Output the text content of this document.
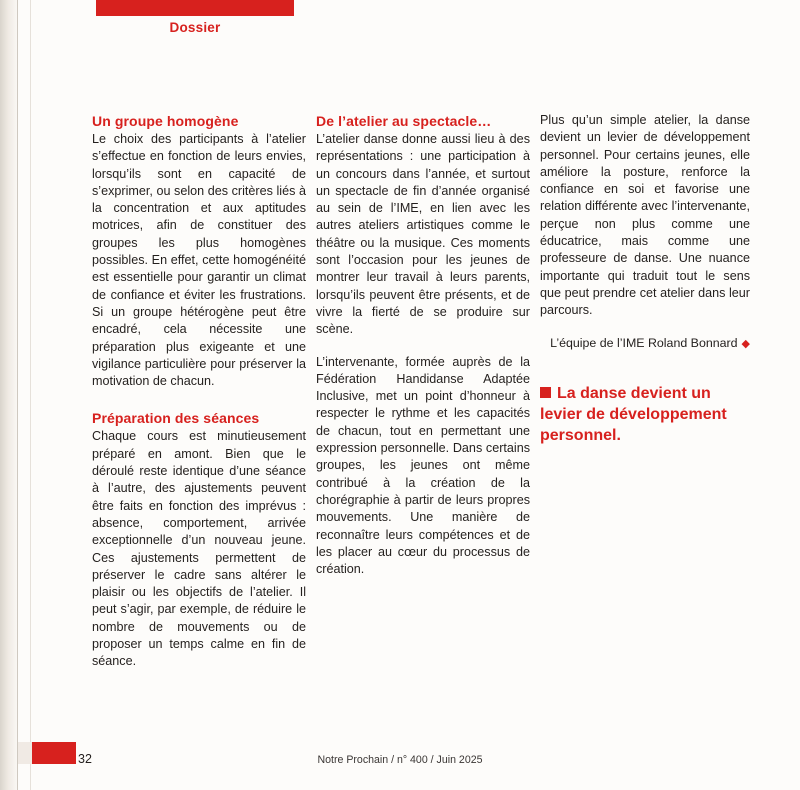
Dossier
Un groupe homogène

Le choix des participants à l’atelier s’effectue en fonction de leurs envies, lorsqu’ils sont en capacité de s’exprimer, ou selon des critères liés à la concentration et aux aptitudes motrices, afin de constituer des groupes les plus homogènes possibles. En effet, cette homogénéité est essentielle pour garantir un climat de confiance et éviter les frustrations. Si un groupe hétérogène peut être encadré, cela nécessite une préparation plus exigeante et une vigilance particulière pour préserver la motivation de chacun.

Préparation des séances

Chaque cours est minutieusement préparé en amont. Bien que le déroulé reste identique d’une séance à l’autre, des ajustements peuvent être faits en fonction des imprévus : absence, comportement, arrivée exceptionnelle d’un nouveau jeune. Ces ajustements permettent de préserver le cadre sans altérer le plaisir ou les objectifs de l’atelier. Il peut s’agir, par exemple, de réduire le nombre de mouvements ou de proposer un temps calme en fin de séance.

De l’atelier au spectacle…

L’atelier danse donne aussi lieu à des représentations : une participation à un concours dans l’année, et surtout un spectacle de fin d’année organisé au sein de l’IME, en lien avec les autres ateliers artistiques comme le théâtre ou la musique. Ces moments sont l’occasion pour les jeunes de montrer leur travail à leurs parents, lorsqu’ils peuvent être présents, et de vivre la fierté de se produire sur scène.

L’intervenante, formée auprès de la Fédération Handidanse Adaptée Inclusive, met un point d’honneur à respecter le rythme et les capacités de chacun, tout en permettant une expression personnelle. Dans certains groupes, les jeunes ont même contribué à la création de la chorégraphie à partir de leurs propres mouvements. Une manière de reconnaître leurs compétences et de les placer au cœur du processus de création.

Plus qu’un simple atelier, la danse devient un levier de développement personnel. Pour certains jeunes, elle améliore la posture, renforce la confiance en soi et favorise une relation différente avec l’intervenante, perçue non plus comme une éducatrice, mais comme une professeure de danse. Une nuance importante qui traduit tout le sens que peut prendre cet atelier dans leur parcours.

L’équipe de l’IME Roland Bonnard ◆
La danse devient un levier de développement personnel.
32	Notre Prochain / n° 400 / Juin 2025
